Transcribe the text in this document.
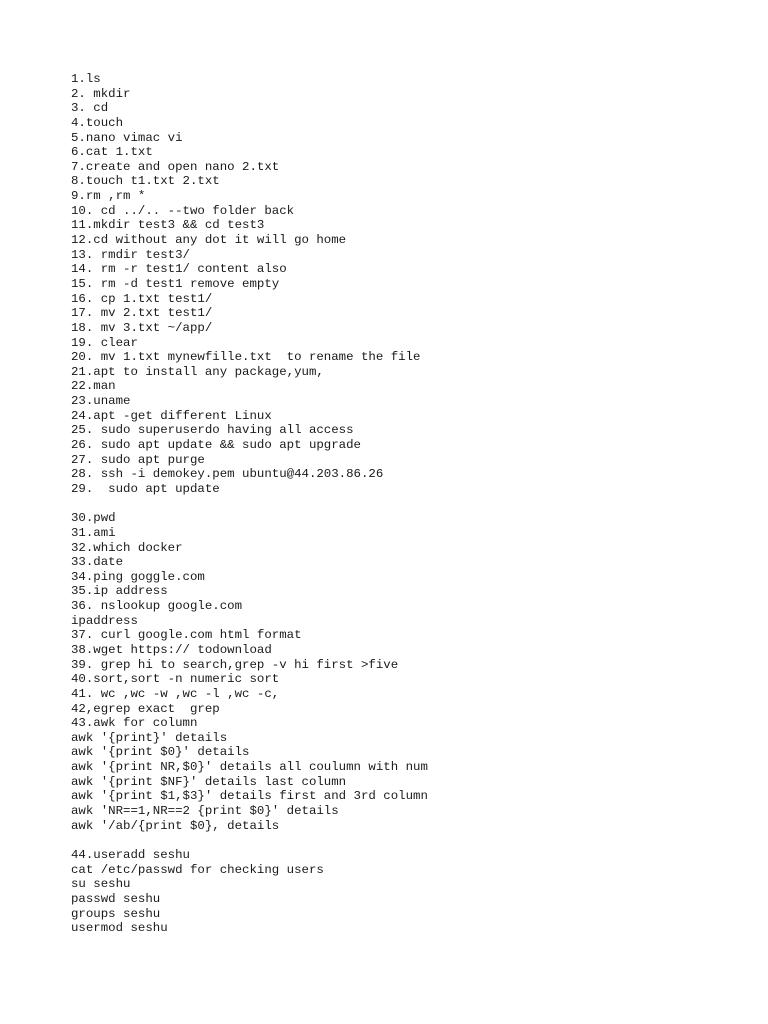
1.ls
2. mkdir
3. cd
4.touch
5.nano vimac vi
6.cat 1.txt
7.create and open nano 2.txt
8.touch t1.txt 2.txt
9.rm ,rm *
10. cd ../.. --two folder back
11.mkdir test3 && cd test3
12.cd without any dot it will go home
13. rmdir test3/
14. rm -r test1/ content also
15. rm -d test1 remove empty
16. cp 1.txt test1/
17. mv 2.txt test1/
18. mv 3.txt ~/app/
19. clear
20. mv 1.txt mynewfille.txt  to rename the file
21.apt to install any package,yum,
22.man
23.uname
24.apt -get different Linux
25. sudo superuserdo having all access
26. sudo apt update && sudo apt upgrade
27. sudo apt purge
28. ssh -i demokey.pem ubuntu@44.203.86.26
29.  sudo apt update
30.pwd
31.ami
32.which docker
33.date
34.ping goggle.com
35.ip address
36. nslookup google.com
ipaddress
37. curl google.com html format
38.wget https:// todownload
39. grep hi to search,grep -v hi first >five
40.sort,sort -n numeric sort
41. wc ,wc -w ,wc -l ,wc -c,
42,egrep exact  grep
43.awk for column
awk '{print}' details
awk '{print $0}' details
awk '{print NR,$0}' details all coulumn with num
awk '{print $NF}' details last column
awk '{print $1,$3}' details first and 3rd column
awk 'NR==1,NR==2 {print $0}' details
awk '/ab/{print $0}, details
44.useradd seshu
cat /etc/passwd for checking users
su seshu
passwd seshu
groups seshu
usermod seshu
